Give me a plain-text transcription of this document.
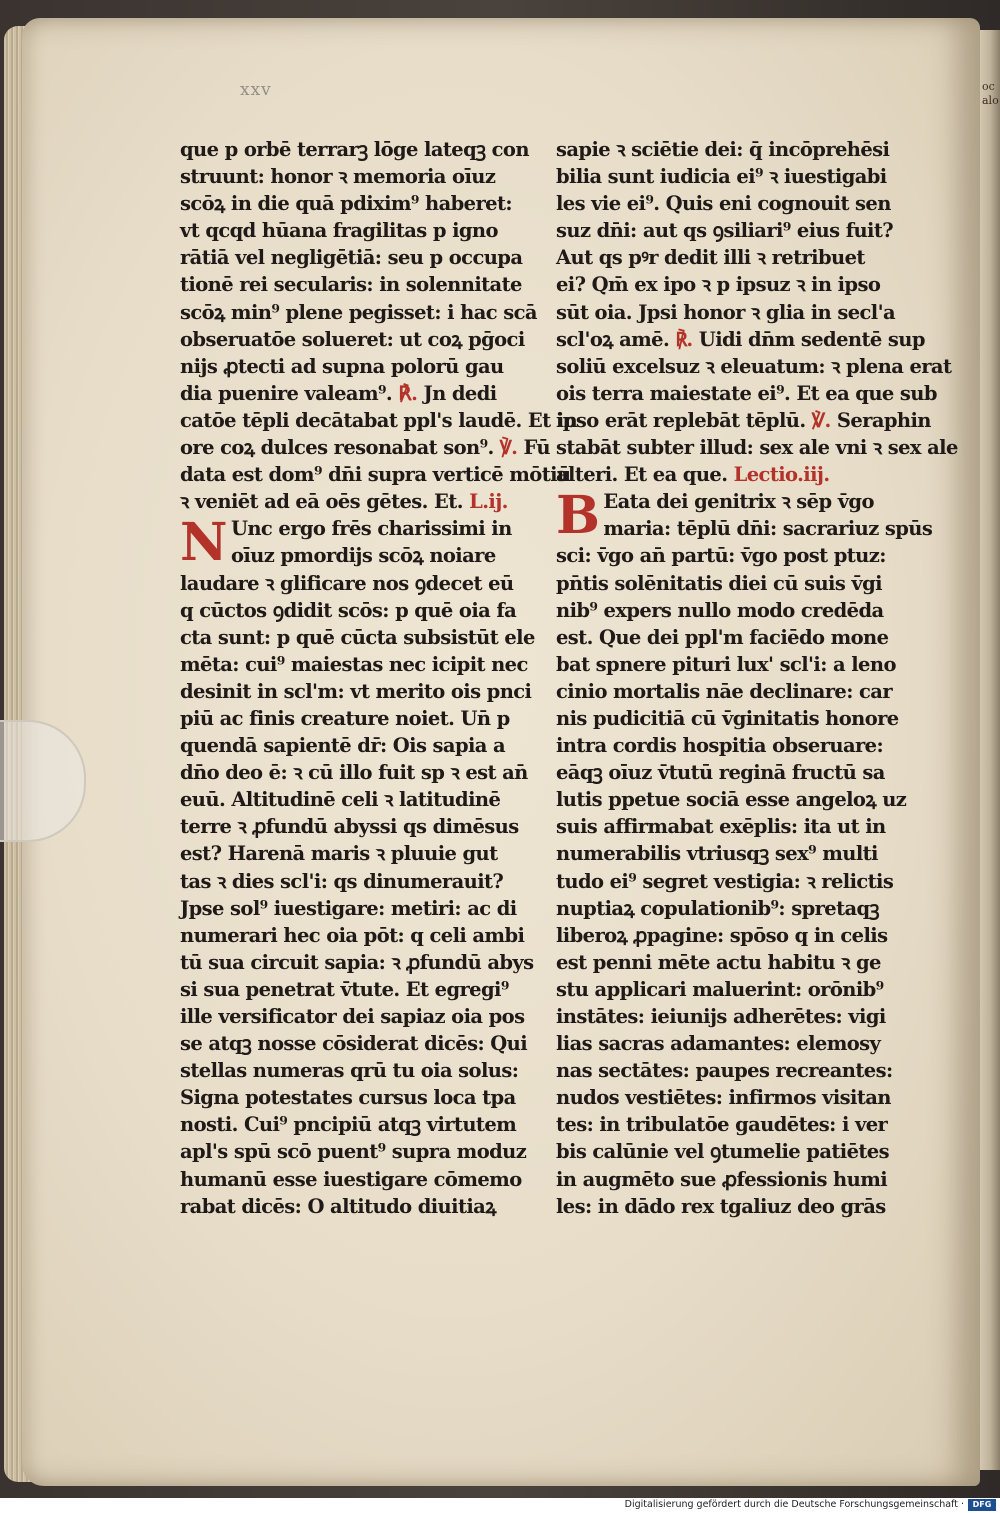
ocalo
xxv
que p orbē terrarꝫ lōge lateqꝫ con
struunt: honor ꝛ memoria oīuz
scōꝝ in die quā pdixim⁹ haberet:
vt qcqd hūana fragilitas p igno
rātiā vel negligētiā: seu p occupa
tionē rei secularis: in solennitate
scōꝝ min⁹ plene pegisset: i hac scā
obseruatōe solueret: ut coꝝ pḡoci
nijs ꝓtecti ad supna polorū gau
dia puenire valeam⁹. ℟. Jn dedi
catōe tēpli decātabat ppl's laudē. Et in
ore coꝝ dulces resonabat son⁹. ℣. Fū
data est dom⁹ dn̄i supra verticē mōtiū
ꝛ veniēt ad eā oēs gētes. Et. L.ij.
N Unc ergo frēs charissimi in
oīuz pmordijs scōꝝ noiare
laudare ꝛ glificare nos ꝯdecet eū
q cūctos ꝯdidit scōs: p quē oia fa
cta sunt: p quē cūcta subsistūt ele
mēta: cui⁹ maiestas nec icipit nec
desinit in scl'm: vt merito ois pnci
piū ac finis creature noiet. Un̄ p
quendā sapientē dr̄: Ois sapia a
dn̄o deo ē: ꝛ cū illo fuit sp ꝛ est an̄
euū. Altitudinē celi ꝛ latitudinē
terre ꝛ ꝓfundū abyssi qs dimēsus
est? Harenā maris ꝛ pluuie gut
tas ꝛ dies scl'i: qs dinumerauit?
Jpse sol⁹ iuestigare: metiri: ac di
numerari hec oia pōt: q celi ambi
tū sua circuit sapia: ꝛ ꝓfundū abys
si sua penetrat v̄tute. Et egregi⁹
ille versificator dei sapiaz oia pos
se atqꝫ nosse cōsiderat dicēs: Qui
stellas numeras qrū tu oia solus:
Signa potestates cursus loca tpa
nosti. Cui⁹ pncipiū atqꝫ virtutem
apl's spū scō puent⁹ supra moduz
humanū esse iuestigare cōmemo
rabat dicēs: O altitudo diuitiaꝝ
sapie ꝛ sciētie dei: q̄ incōprehēsi
bilia sunt iudicia ei⁹ ꝛ iuestigabi
les vie ei⁹. Quis eni cognouit sen
suz dn̄i: aut qs ꝯsiliari⁹ eius fuit?
Aut qs pꝰr dedit illi ꝛ retribuet
ei? Qm̄ ex ipo ꝛ p ipsuz ꝛ in ipso
sūt oia. Jpsi honor ꝛ glia in secl'a
scl'oꝝ amē. ℟. Uidi dn̄m sedentē sup
soliū excelsuz ꝛ eleuatum: ꝛ plena erat
ois terra maiestate ei⁹. Et ea que sub
ipso erāt replebāt tēplū. ℣. Seraphin
stabāt subter illud: sex ale vni ꝛ sex ale
alteri. Et ea que. Lectio.iij.
B Eata dei genitrix ꝛ sēp v̄go
maria: tēplū dn̄i: sacrariuz spūs
sci: v̄go an̄ partū: v̄go post ptuz:
pn̄tis solēnitatis diei cū suis v̄gi
nib⁹ expers nullo modo credēda
est. Que dei ppl'm faciēdo mone
bat spnere pituri lux' scl'i: a leno
cinio mortalis nāe declinare: car
nis pudicitiā cū v̄ginitatis honore
intra cordis hospitia obseruare:
eāqꝫ oīuz v̄tutū reginā fructū sa
lutis ppetue sociā esse angeloꝝ uz
suis affirmabat exēplis: ita ut in
numerabilis vtriusqꝫ sex⁹ multi
tudo ei⁹ segret vestigia: ꝛ relictis
nuptiaꝝ copulationib⁹: spretaqꝫ
liberoꝝ ꝓpagine: spōso q in celis
est penni mēte actu habitu ꝛ ge
stu applicari maluerint: orōnib⁹
instātes: ieiunijs adherētes: vigi
lias sacras adamantes: elemosy
nas sectātes: paupes recreantes:
nudos vestiētes: infirmos visitan
tes: in tribulatōe gaudētes: i ver
bis calūnie vel ꝯtumelie patiētes
in augmēto sue ꝓfessionis humi
les: in dādo rex tgaliuz deo grās
Digitalisierung gefördert durch die Deutsche Forschungsgemeinschaft ·	DFG
